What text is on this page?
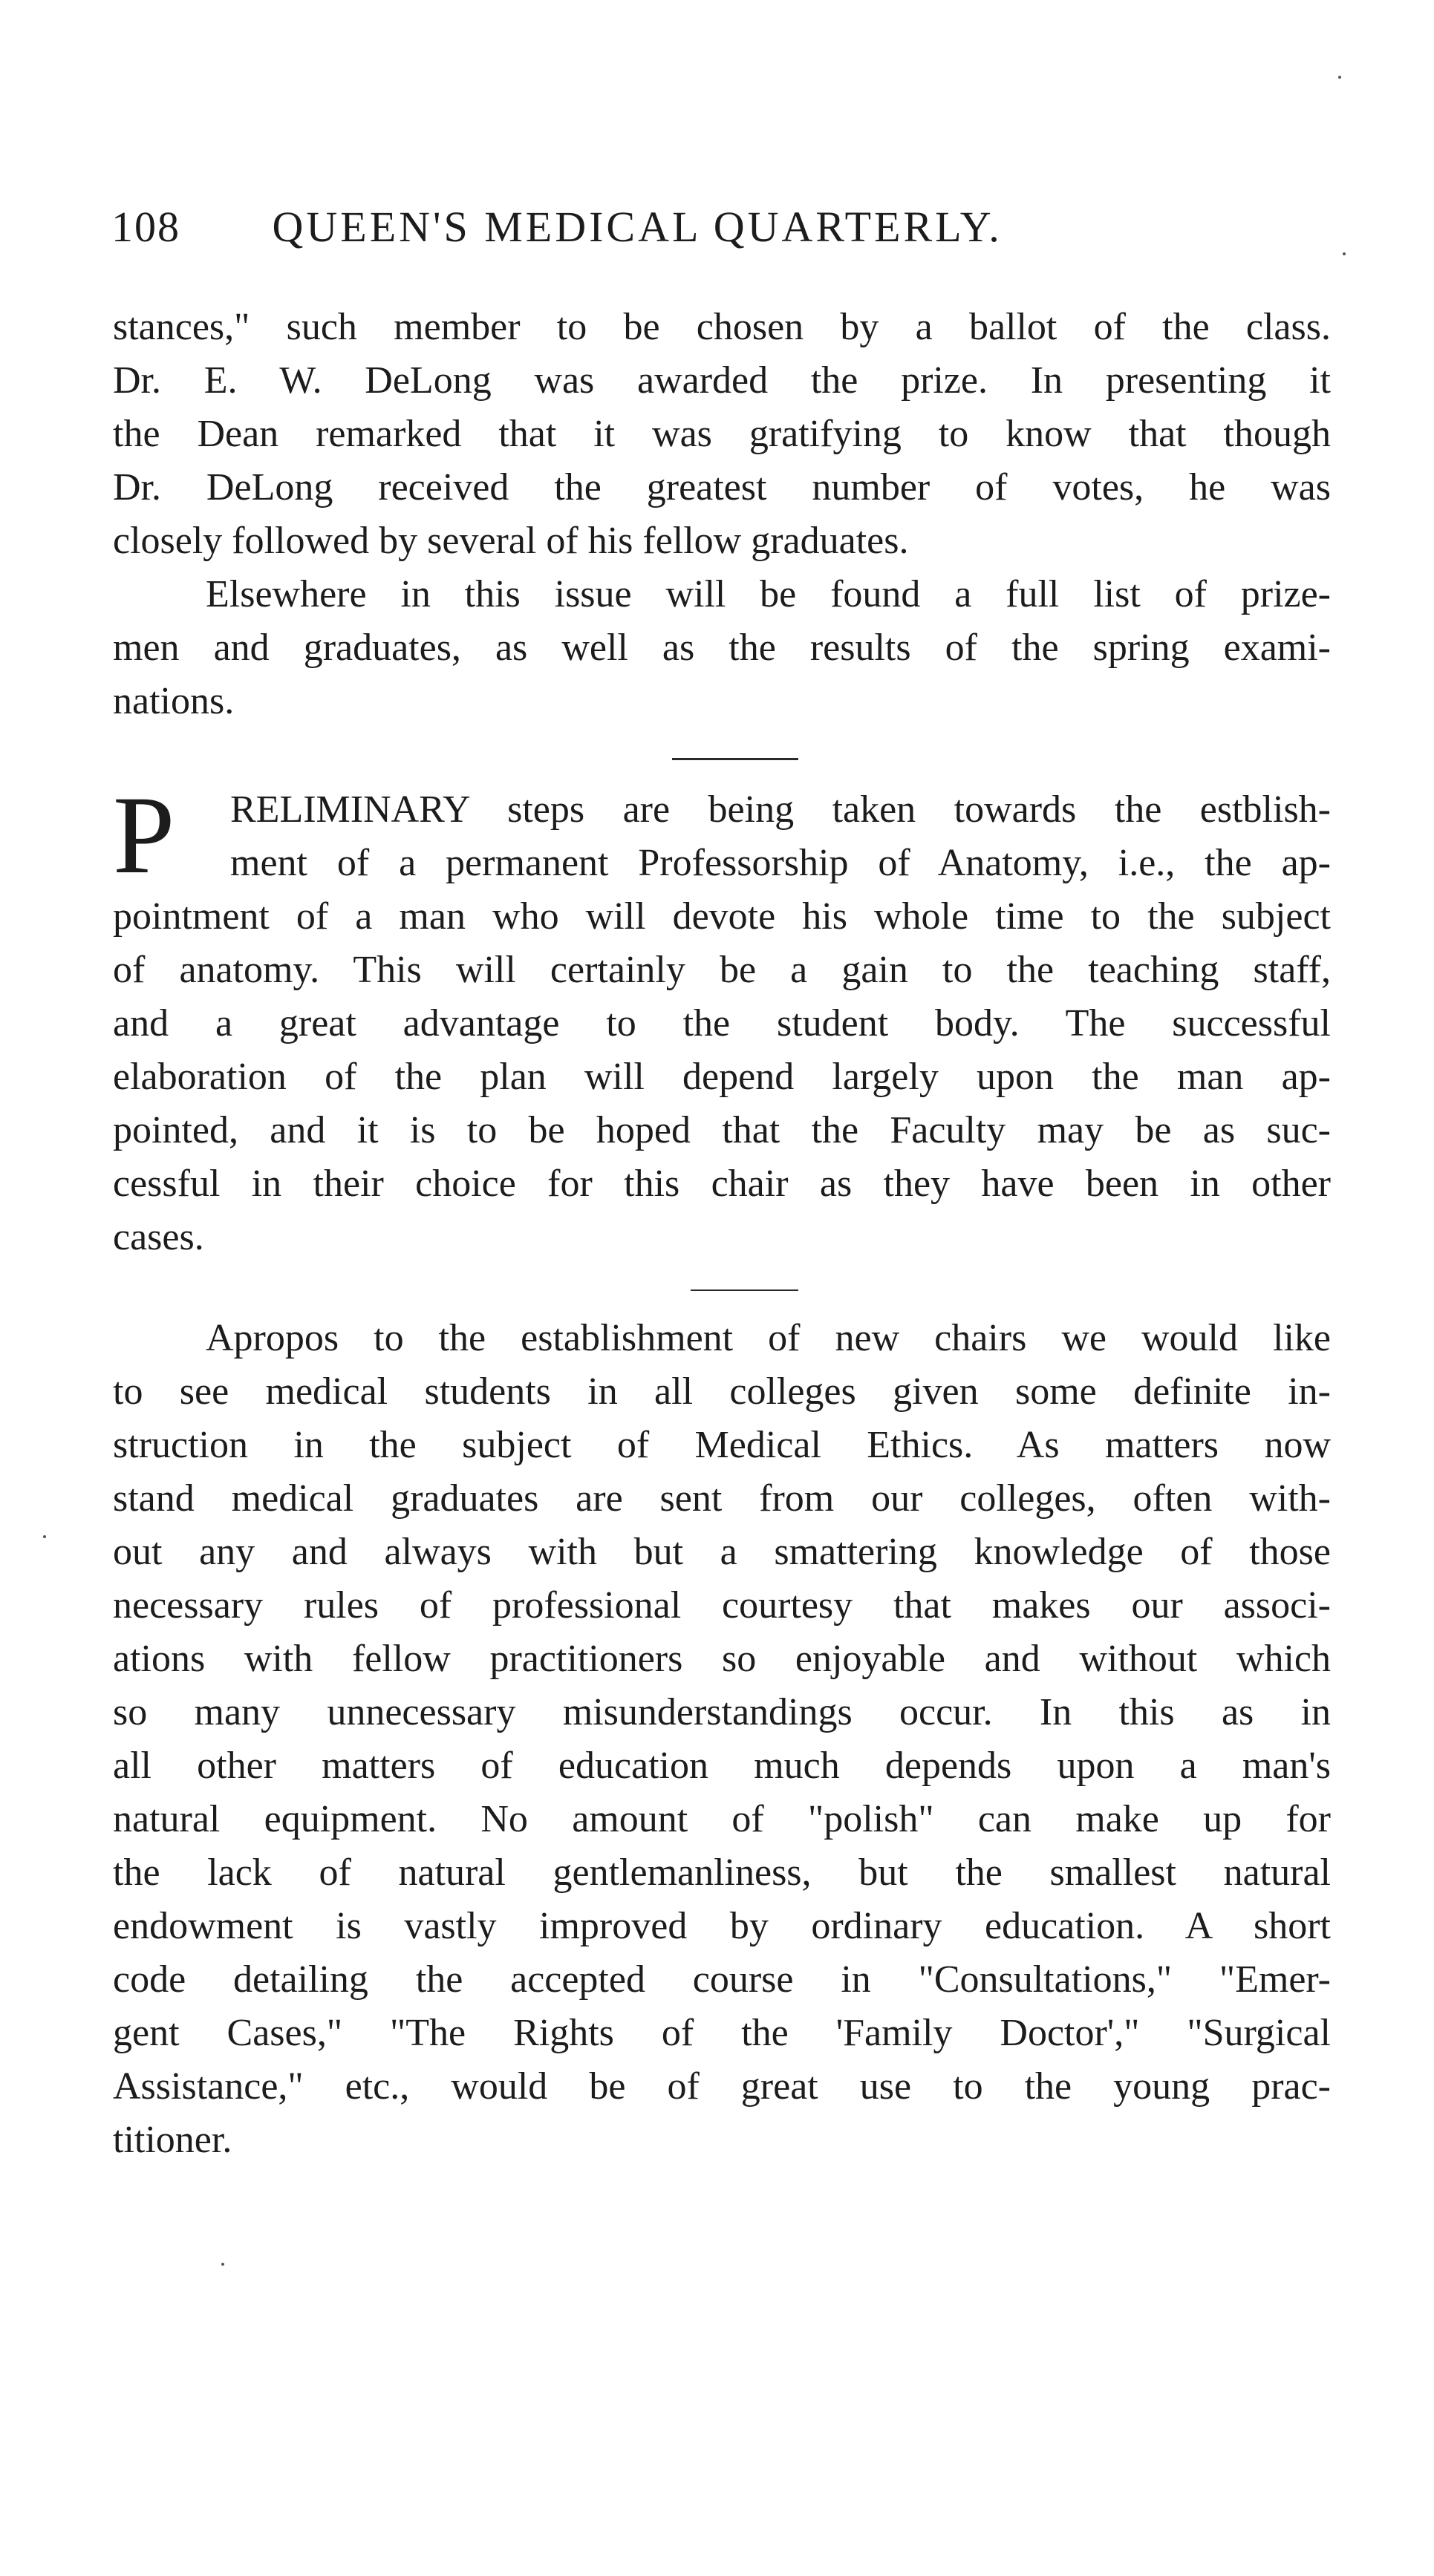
108 QUEEN'S MEDICAL QUARTERLY.
stances," such member to be chosen by a ballot of the class.
Dr. E. W. DeLong was awarded the prize. In presenting it
the Dean remarked that it was gratifying to know that though
Dr. DeLong received the greatest number of votes, he was
closely followed by several of his fellow graduates.
Elsewhere in this issue will be found a full list of prize-
men and graduates, as well as the results of the spring exami-
nations.
P	RELIMINARY steps are being taken towards the estblish-
ment of a permanent Professorship of Anatomy, i.e., the ap-
pointment of a man who will devote his whole time to the subject
of anatomy. This will certainly be a gain to the teaching staff,
and a great advantage to the student body. The successful
elaboration of the plan will depend largely upon the man ap-
pointed, and it is to be hoped that the Faculty may be as suc-
cessful in their choice for this chair as they have been in other
cases.
Apropos to the establishment of new chairs we would like
to see medical students in all colleges given some definite in-
struction in the subject of Medical Ethics. As matters now
stand medical graduates are sent from our colleges, often with-
out any and always with but a smattering knowledge of those
necessary rules of professional courtesy that makes our associ-
ations with fellow practitioners so enjoyable and without which
so many unnecessary misunderstandings occur. In this as in
all other matters of education much depends upon a man's
natural equipment. No amount of "polish" can make up for
the lack of natural gentlemanliness, but the smallest natural
endowment is vastly improved by ordinary education. A short
code detailing the accepted course in "Consultations," "Emer-
gent Cases," "The Rights of the 'Family Doctor'," "Surgical
Assistance," etc., would be of great use to the young prac-
titioner.
